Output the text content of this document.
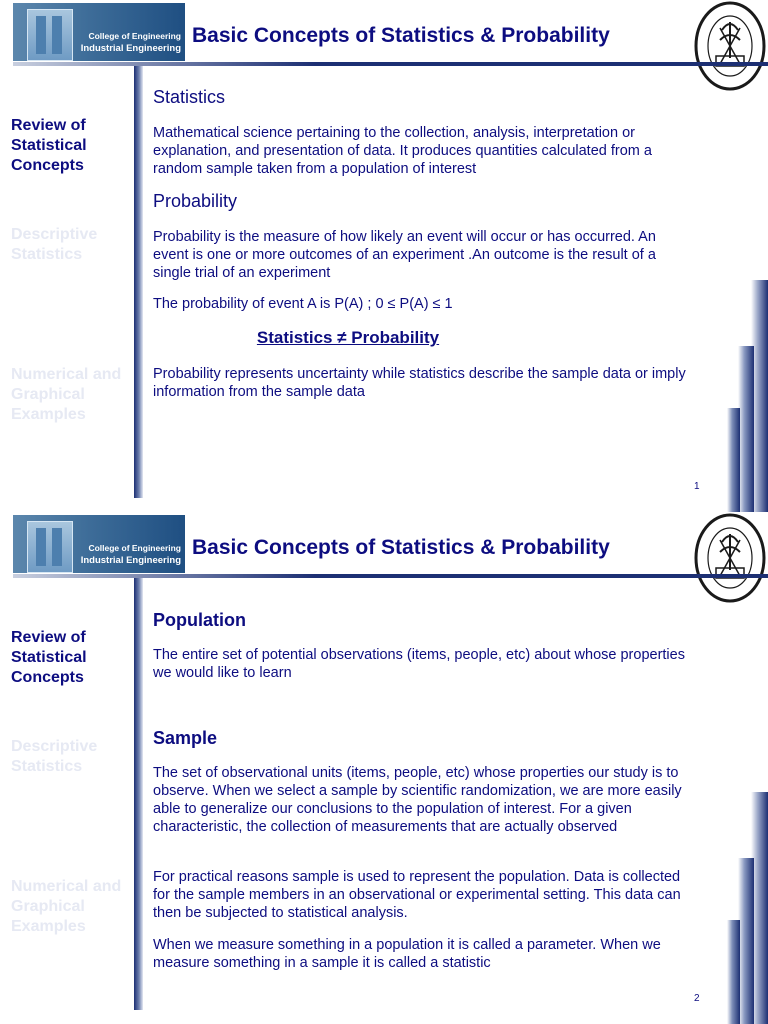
College of Engineering
Industrial Engineering
Basic Concepts of Statistics & Probability
Review of Statistical Concepts
Descriptive Statistics
Numerical and Graphical Examples
Statistics
Mathematical science pertaining to the collection, analysis, interpretation or explanation, and presentation of data. It produces quantities calculated from a random sample taken from a population of interest
Probability
Probability is the measure of how likely an event will occur or has occurred. An event is one or more outcomes of an experiment .An outcome is the result of a single trial of an experiment
The probability of event A is P(A) ; 0 ≤ P(A) ≤ 1
Statistics ≠ Probability
Probability represents uncertainty while statistics describe the sample data or imply information from the sample data
1
College of Engineering
Industrial Engineering
Basic Concepts of Statistics & Probability
Review of Statistical Concepts
Descriptive Statistics
Numerical and Graphical Examples
Population
The entire set of potential observations (items, people, etc) about whose properties we would like to learn
Sample
The set of observational units (items, people, etc) whose properties our study is to observe. When we select a sample by scientific randomization, we are more easily able to generalize our conclusions to the population of interest. For a given characteristic, the collection of measurements that are actually observed
For practical reasons sample is used to represent the population. Data is collected for the sample members in an observational or experimental setting. This data can then be subjected to statistical analysis.
When we measure something in a population it is called a parameter. When we measure something in a sample it is called a statistic
2
